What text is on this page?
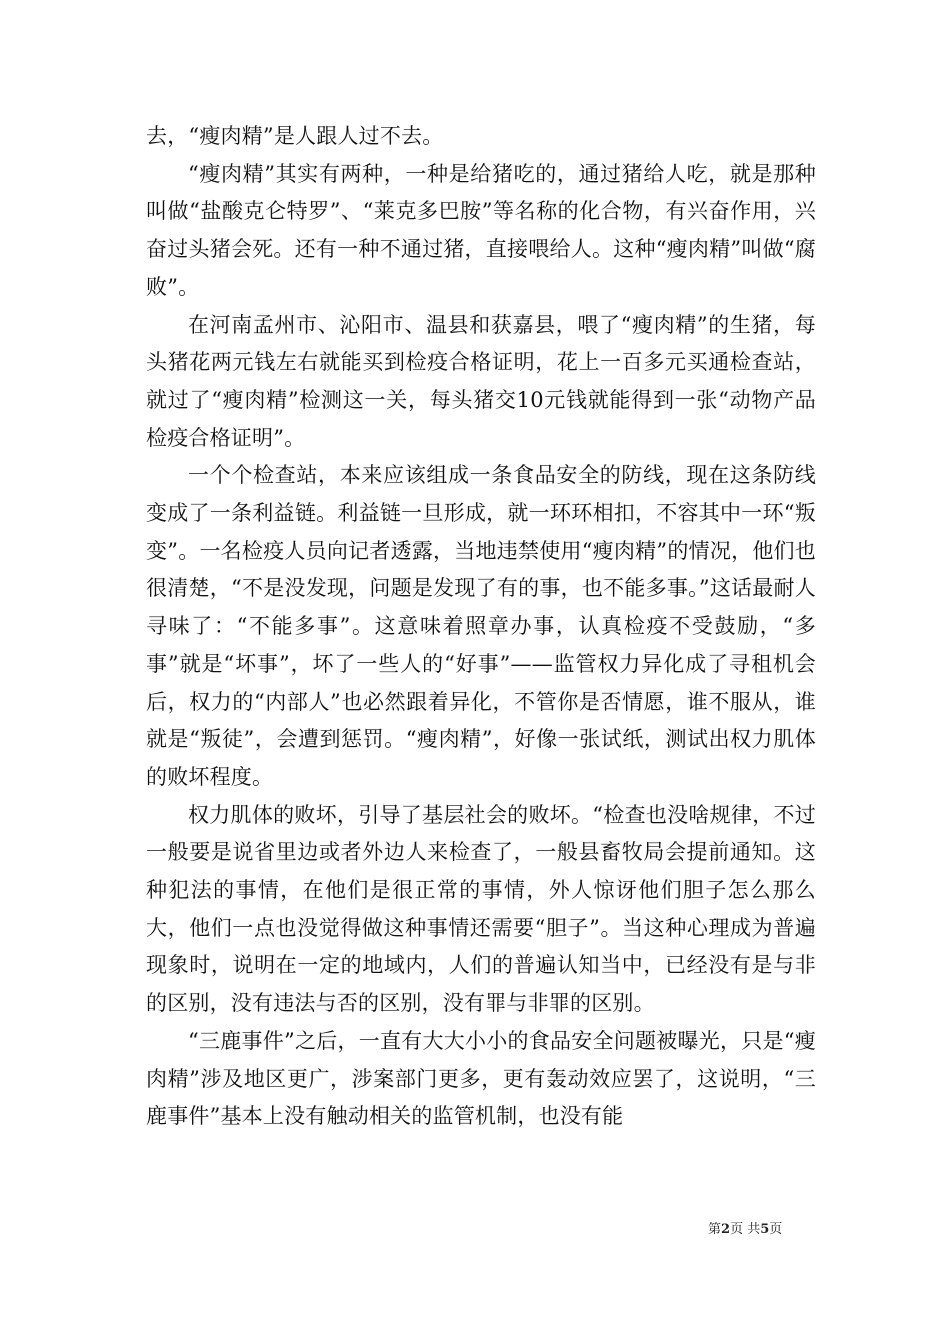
去，“瘦肉精”是人跟人过不去。

“瘦肉精”其实有两种，一种是给猪吃的，通过猪给人吃，就是那种叫做“盐酸克仑特罗”、“莱克多巴胺”等名称的化合物，有兴奋作用，兴奋过头猪会死。还有一种不通过猪，直接喂给人。这种“瘦肉精”叫做“腐败”。

在河南孟州市、沁阳市、温县和获嘉县，喂了“瘦肉精”的生猪，每头猪花两元钱左右就能买到检疫合格证明，花上一百多元买通检查站，就过了“瘦肉精”检测这一关，每头猪交10元钱就能得到一张“动物产品检疫合格证明”。

一个个检查站，本来应该组成一条食品安全的防线，现在这条防线变成了一条利益链。利益链一旦形成，就一环环相扣，不容其中一环“叛变”。一名检疫人员向记者透露，当地违禁使用“瘦肉精”的情况，他们也很清楚，“不是没发现，问题是发现了有的事，也不能多事。”这话最耐人寻味了：“不能多事”。这意味着照章办事，认真检疫不受鼓励，“多事”就是“坏事”，坏了一些人的“好事”——监管权力异化成了寻租机会后，权力的“内部人”也必然跟着异化，不管你是否情愿，谁不服从，谁就是“叛徒”，会遭到惩罚。“瘦肉精”，好像一张试纸，测试出权力肌体的败坏程度。

权力肌体的败坏，引导了基层社会的败坏。“检查也没啥规律，不过一般要是说省里边或者外边人来检查了，一般县畜牧局会提前通知。这种犯法的事情，在他们是很正常的事情，外人惊讶他们胆子怎么那么大，他们一点也没觉得做这种事情还需要“胆子”。当这种心理成为普遍现象时，说明在一定的地域内，人们的普遍认知当中，已经没有是与非的区别，没有违法与否的区别，没有罪与非罪的区别。

“三鹿事件”之后，一直有大大小小的食品安全问题被曝光，只是“瘦肉精”涉及地区更广，涉案部门更多，更有轰动效应罢了，这说明，“三鹿事件”基本上没有触动相关的监管机制，也没有能

第2页 共5页
